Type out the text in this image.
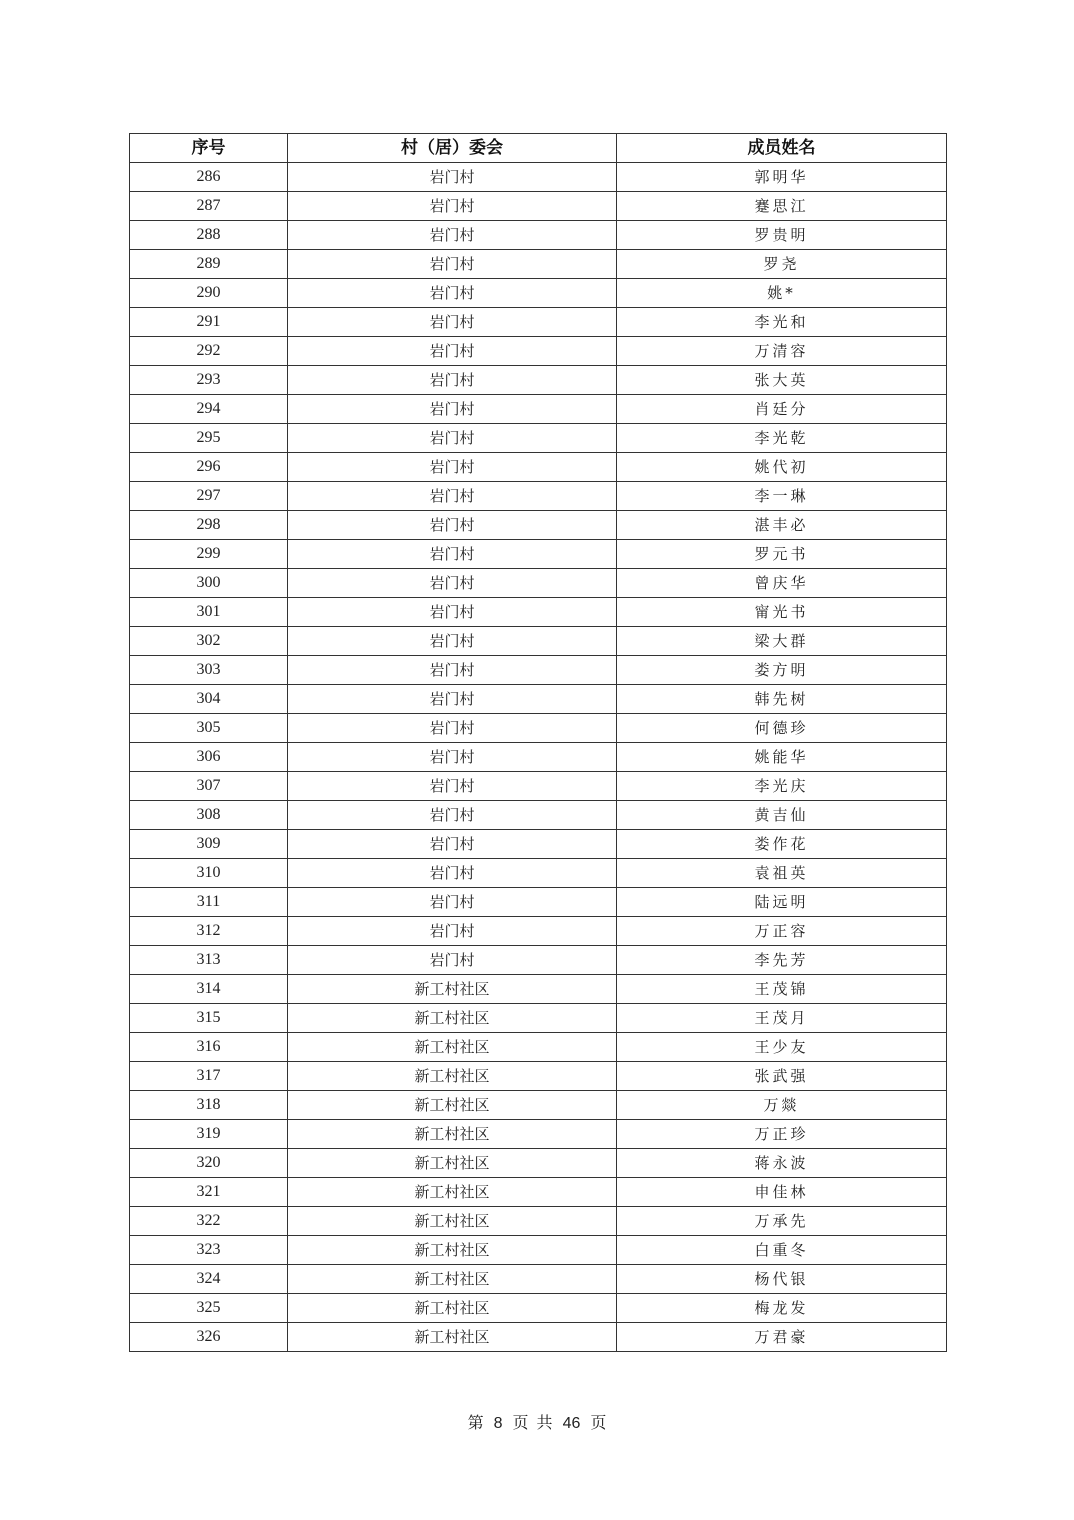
序号	村（居）委会	成员姓名
286	岩门村	郭明华
287	岩门村	蹇思江
288	岩门村	罗贵明
289	岩门村	罗尧
290	岩门村	姚*
291	岩门村	李光和
292	岩门村	万清容
293	岩门村	张大英
294	岩门村	肖廷分
295	岩门村	李光乾
296	岩门村	姚代初
297	岩门村	李一琳
298	岩门村	湛丰必
299	岩门村	罗元书
300	岩门村	曾庆华
301	岩门村	甯光书
302	岩门村	梁大群
303	岩门村	娄方明
304	岩门村	韩先树
305	岩门村	何德珍
306	岩门村	姚能华
307	岩门村	李光庆
308	岩门村	黄吉仙
309	岩门村	娄作花
310	岩门村	袁祖英
311	岩门村	陆远明
312	岩门村	万正容
313	岩门村	李先芳
314	新工村社区	王茂锦
315	新工村社区	王茂月
316	新工村社区	王少友
317	新工村社区	张武强
318	新工村社区	万燚
319	新工村社区	万正珍
320	新工村社区	蒋永波
321	新工村社区	申佳林
322	新工村社区	万承先
323	新工村社区	白重冬
324	新工村社区	杨代银
325	新工村社区	梅龙发
326	新工村社区	万君豪
第 8 页 共 46 页
